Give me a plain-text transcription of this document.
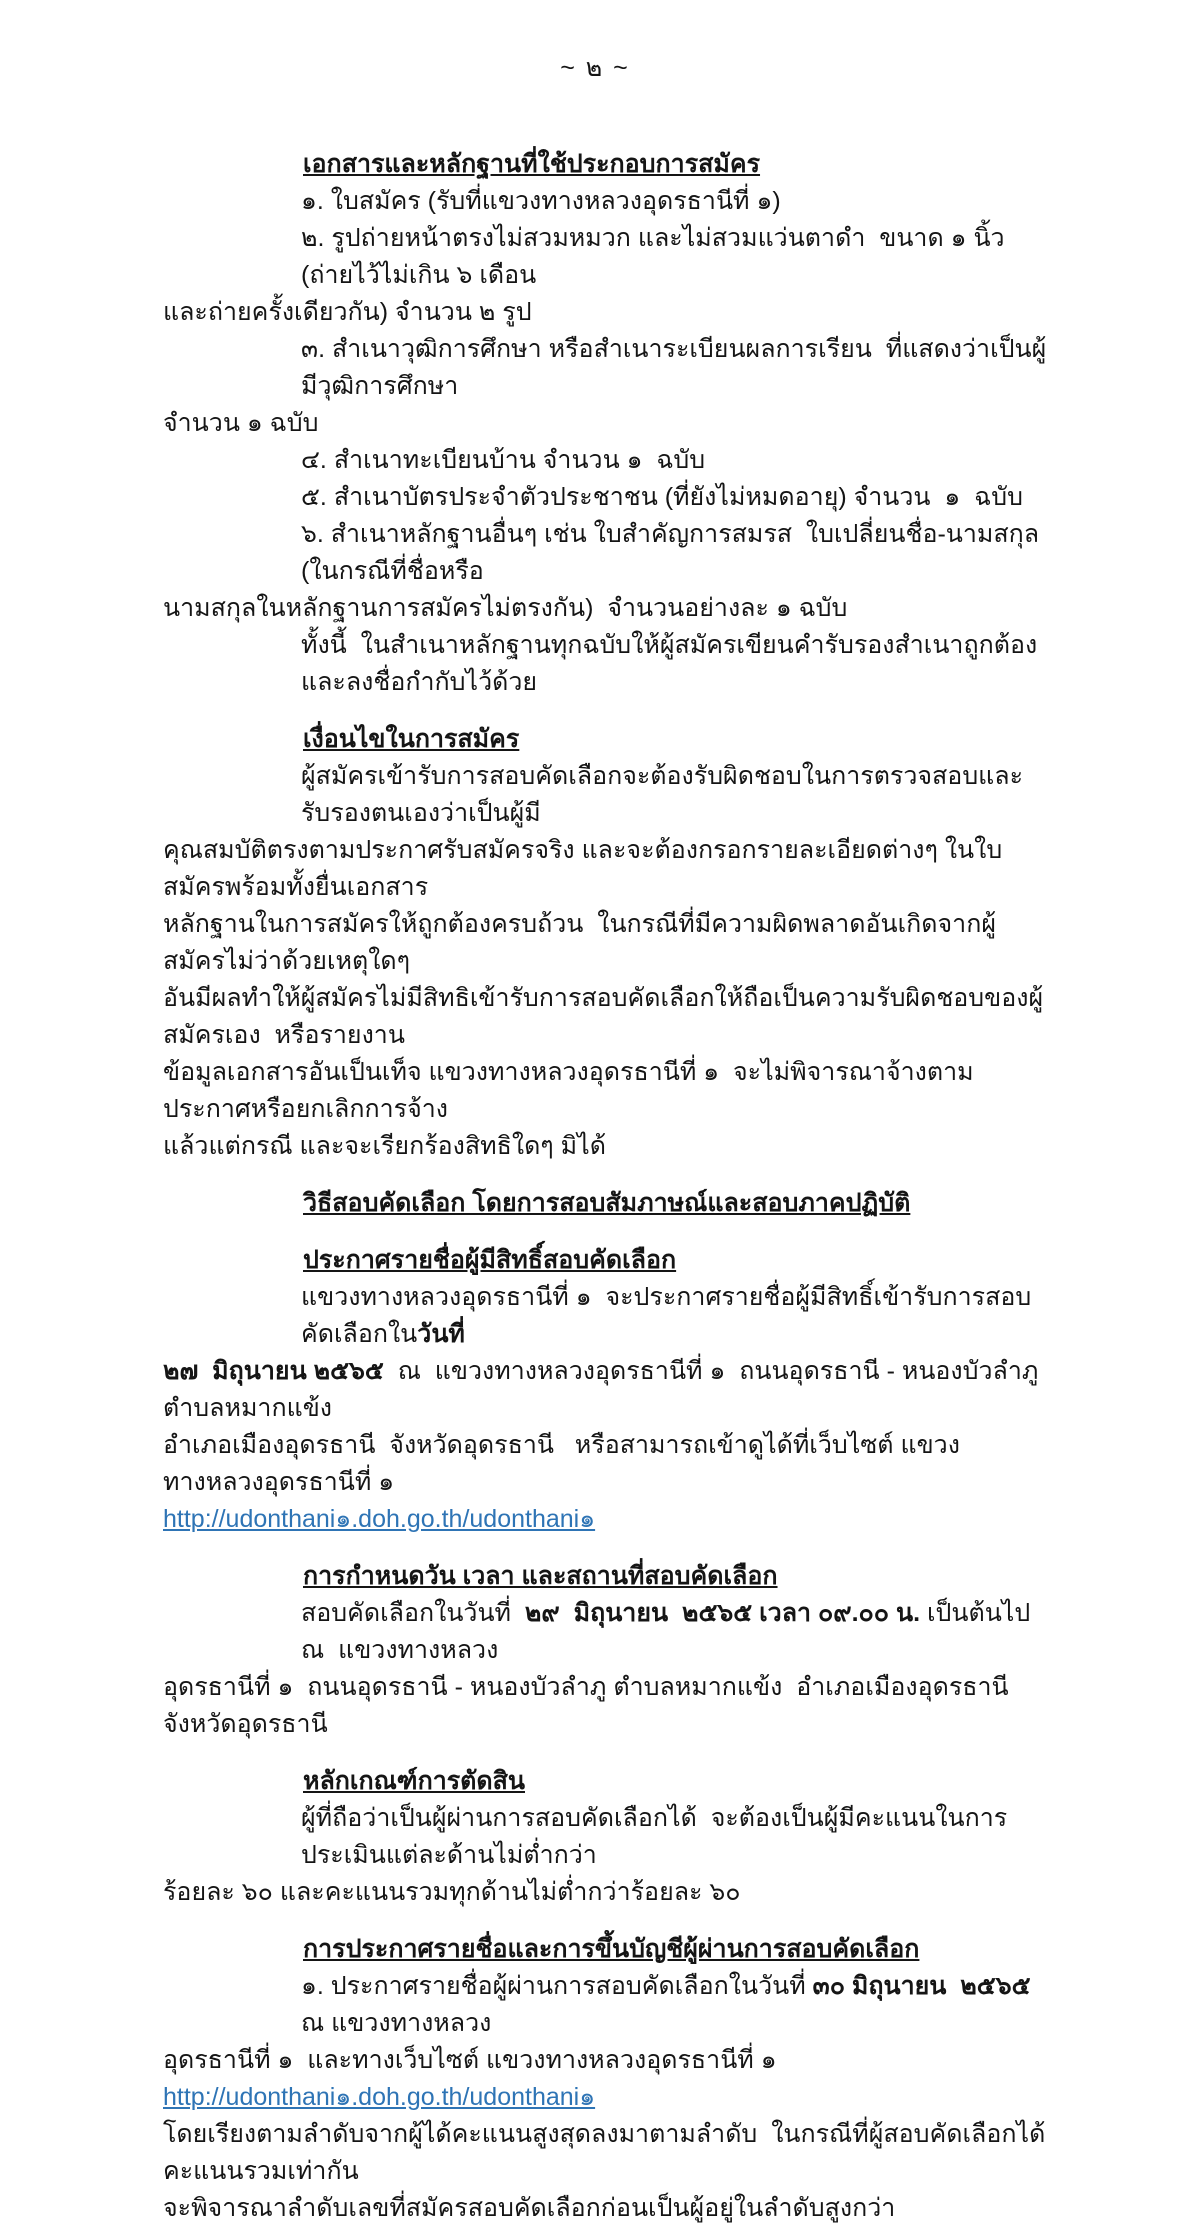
~ ๒ ~
เอกสารและหลักฐานที่ใช้ประกอบการสมัคร
๑. ใบสมัคร (รับที่แขวงทางหลวงอุดรธานีที่ ๑)
๒. รูปถ่ายหน้าตรงไม่สวมหมวก และไม่สวมแว่นตาดำ  ขนาด ๑ นิ้ว (ถ่ายไว้ไม่เกิน ๖ เดือน
และถ่ายครั้งเดียวกัน) จำนวน ๒ รูป
๓. สำเนาวุฒิการศึกษา หรือสำเนาระเบียนผลการเรียน  ที่แสดงว่าเป็นผู้มีวุฒิการศึกษา
จำนวน ๑ ฉบับ
๔. สำเนาทะเบียนบ้าน จำนวน ๑  ฉบับ
๕. สำเนาบัตรประจำตัวประชาชน (ที่ยังไม่หมดอายุ) จำนวน  ๑  ฉบับ
๖. สำเนาหลักฐานอื่นๆ เช่น ใบสำคัญการสมรส  ใบเปลี่ยนชื่อ-นามสกุล  (ในกรณีที่ชื่อหรือ
นามสกุลในหลักฐานการสมัครไม่ตรงกัน)  จำนวนอย่างละ ๑ ฉบับ
ทั้งนี้  ในสำเนาหลักฐานทุกฉบับให้ผู้สมัครเขียนคำรับรองสำเนาถูกต้องและลงชื่อกำกับไว้ด้วย
เงื่อนไขในการสมัคร
ผู้สมัครเข้ารับการสอบคัดเลือกจะต้องรับผิดชอบในการตรวจสอบและรับรองตนเองว่าเป็นผู้มี
คุณสมบัติตรงตามประกาศรับสมัครจริง และจะต้องกรอกรายละเอียดต่างๆ ในใบสมัครพร้อมทั้งยื่นเอกสาร
หลักฐานในการสมัครให้ถูกต้องครบถ้วน  ในกรณีที่มีความผิดพลาดอันเกิดจากผู้สมัครไม่ว่าด้วยเหตุใดๆ
อันมีผลทำให้ผู้สมัครไม่มีสิทธิเข้ารับการสอบคัดเลือกให้ถือเป็นความรับผิดชอบของผู้สมัครเอง  หรือรายงาน
ข้อมูลเอกสารอันเป็นเท็จ แขวงทางหลวงอุดรธานีที่ ๑  จะไม่พิจารณาจ้างตามประกาศหรือยกเลิกการจ้าง
แล้วแต่กรณี และจะเรียกร้องสิทธิใดๆ มิได้
วิธีสอบคัดเลือก โดยการสอบสัมภาษณ์และสอบภาคปฏิบัติ
ประกาศรายชื่อผู้มีสิทธิ์สอบคัดเลือก
แขวงทางหลวงอุดรธานีที่ ๑  จะประกาศรายชื่อผู้มีสิทธิ์เข้ารับการสอบคัดเลือกในวันที่
๒๗  มิถุนายน ๒๕๖๕  ณ  แขวงทางหลวงอุดรธานีที่ ๑  ถนนอุดรธานี - หนองบัวลำภู ตำบลหมากแข้ง
อำเภอเมืองอุดรธานี  จังหวัดอุดรธานี   หรือสามารถเข้าดูได้ที่เว็บไซต์ แขวงทางหลวงอุดรธานีที่ ๑
http://udonthani๑.doh.go.th/udonthani๑
การกำหนดวัน เวลา และสถานที่สอบคัดเลือก
สอบคัดเลือกในวันที่  ๒๙  มิถุนายน  ๒๕๖๕ เวลา ๐๙.๐๐ น. เป็นต้นไป ณ  แขวงทางหลวง
อุดรธานีที่ ๑  ถนนอุดรธานี - หนองบัวลำภู ตำบลหมากแข้ง  อำเภอเมืองอุดรธานี  จังหวัดอุดรธานี
หลักเกณฑ์การตัดสิน
ผู้ที่ถือว่าเป็นผู้ผ่านการสอบคัดเลือกได้  จะต้องเป็นผู้มีคะแนนในการประเมินแต่ละด้านไม่ต่ำกว่า
ร้อยละ ๖๐ และคะแนนรวมทุกด้านไม่ต่ำกว่าร้อยละ ๖๐
การประกาศรายชื่อและการขึ้นบัญชีผู้ผ่านการสอบคัดเลือก
๑. ประกาศรายชื่อผู้ผ่านการสอบคัดเลือกในวันที่ ๓๐ มิถุนายน  ๒๕๖๕  ณ แขวงทางหลวง
อุดรธานีที่ ๑  และทางเว็บไซต์ แขวงทางหลวงอุดรธานีที่ ๑ http://udonthani๑.doh.go.th/udonthani๑
โดยเรียงตามลำดับจากผู้ได้คะแนนสูงสุดลงมาตามลำดับ  ในกรณีที่ผู้สอบคัดเลือกได้คะแนนรวมเท่ากัน
จะพิจารณาลำดับเลขที่สมัครสอบคัดเลือกก่อนเป็นผู้อยู่ในลำดับสูงกว่า
